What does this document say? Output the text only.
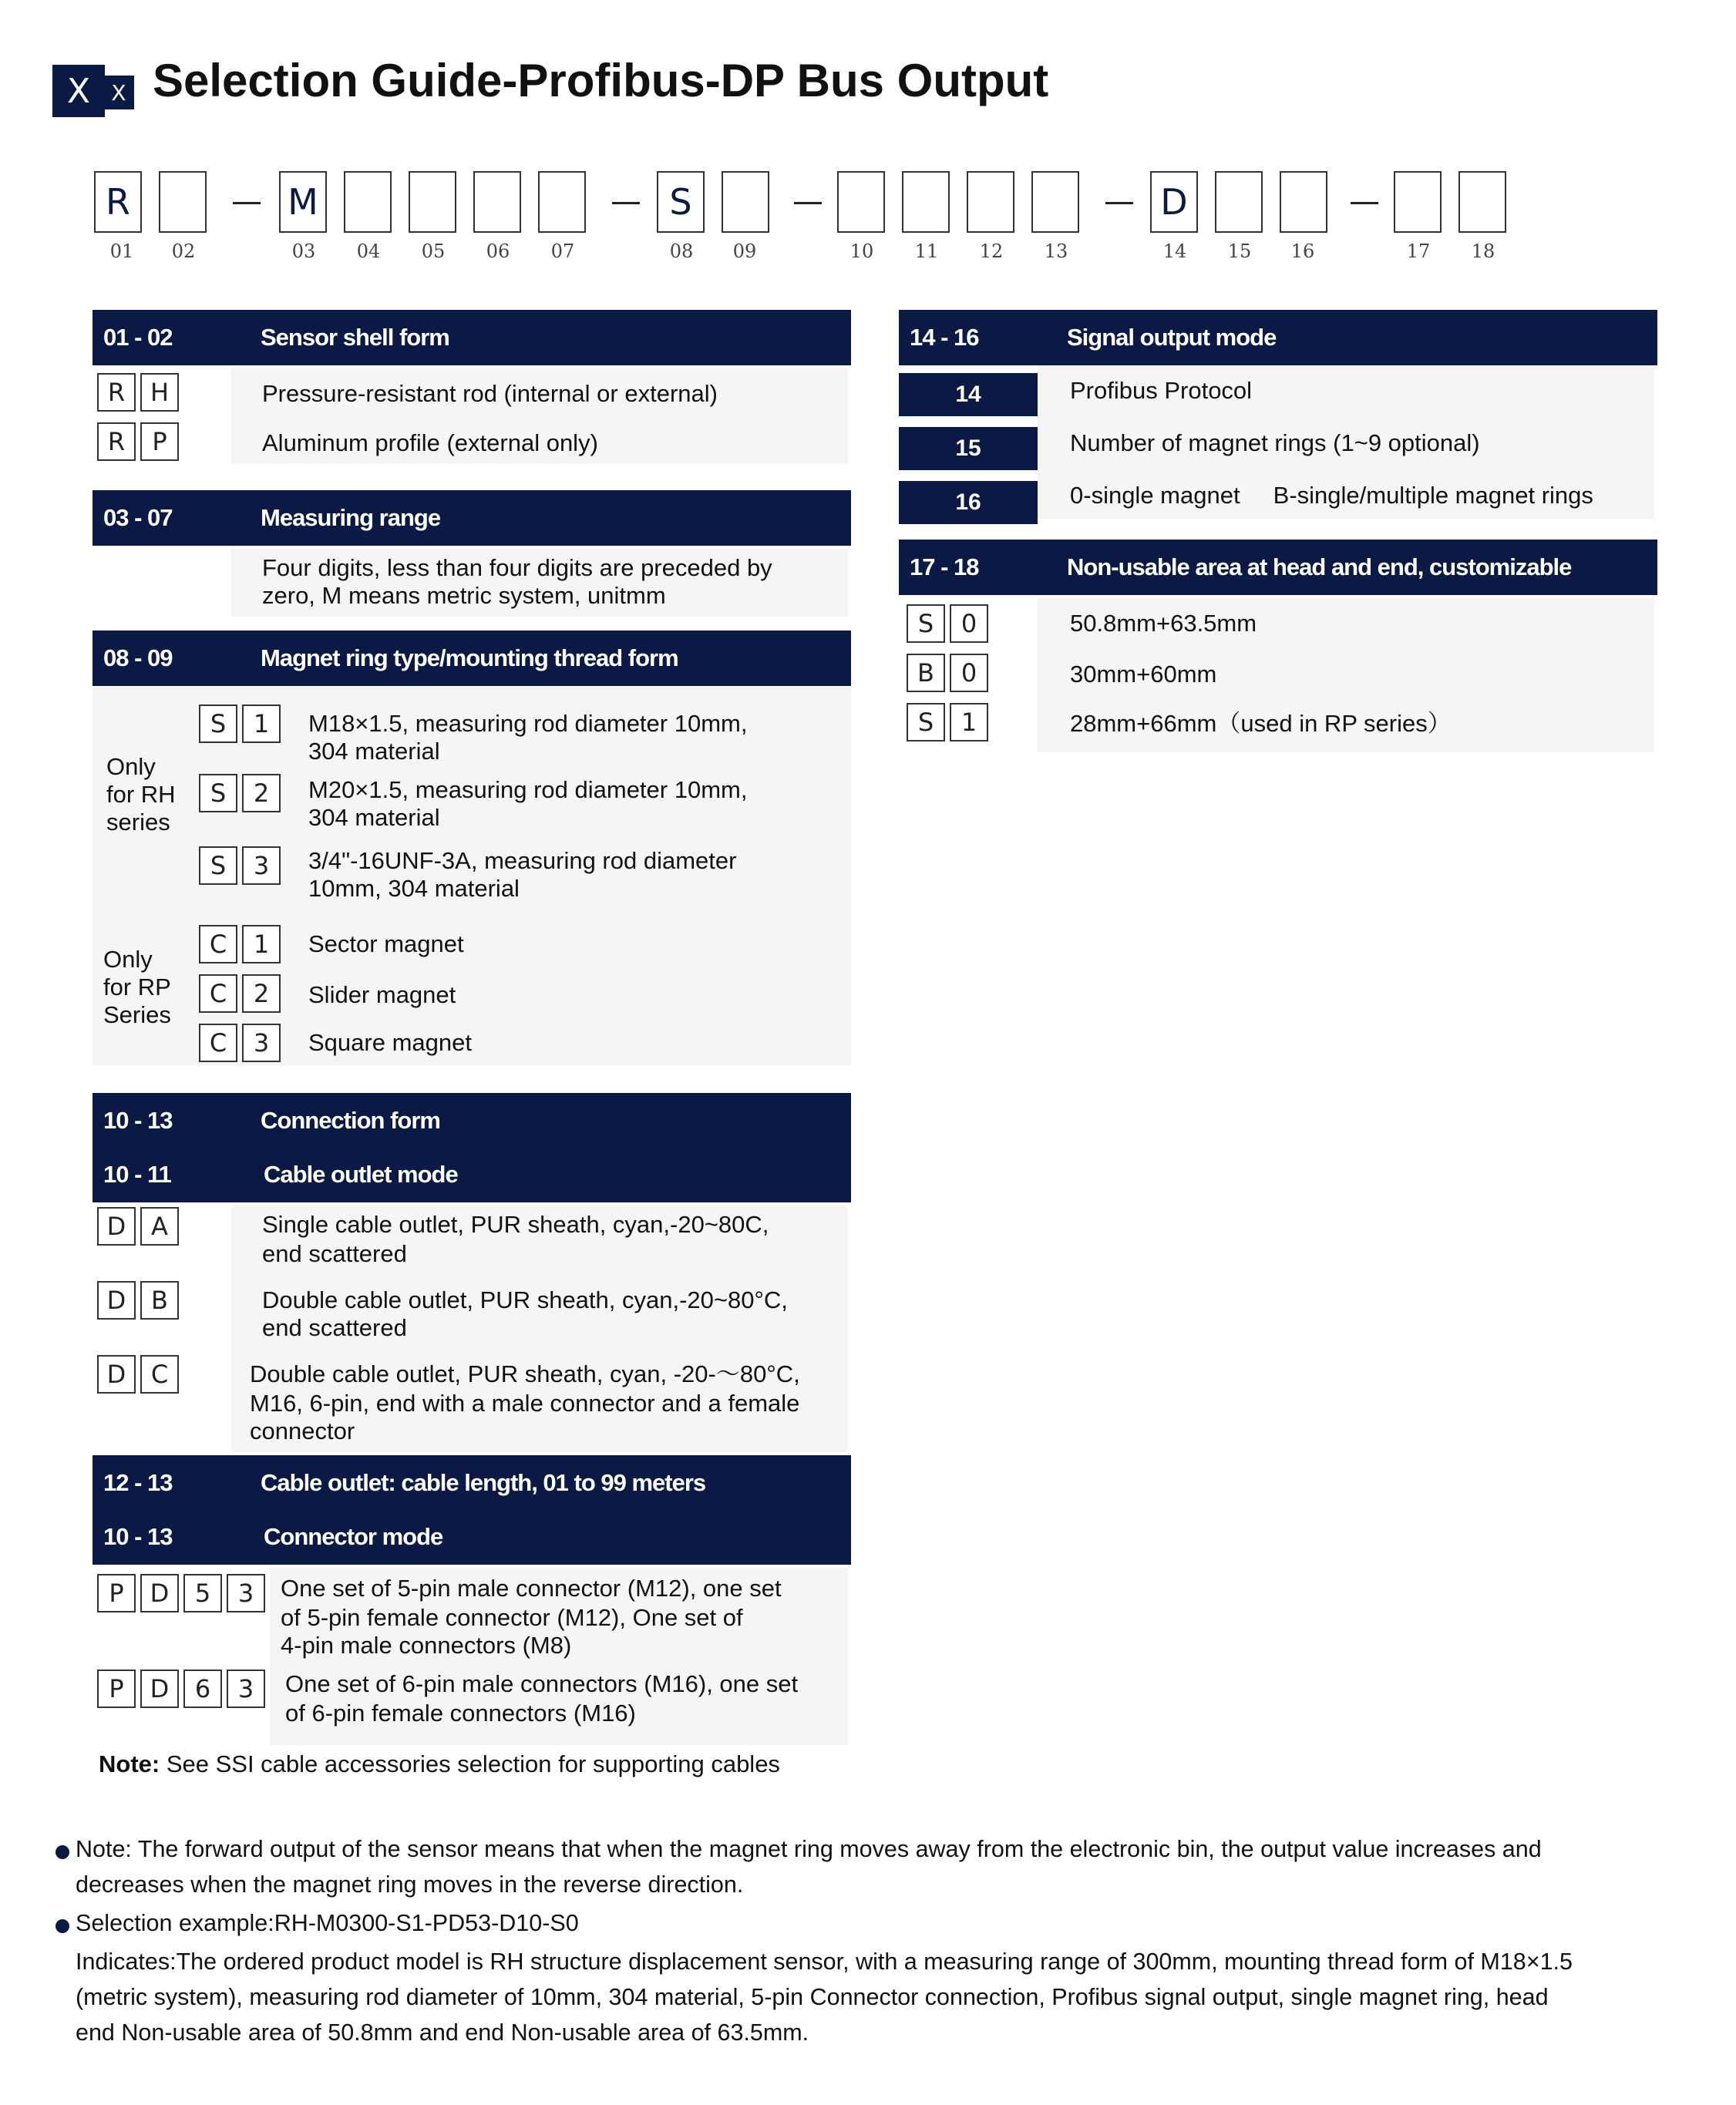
X X Selection Guide-Profibus-DP Bus Output
R	M	S	D
01	02	03	04	05	06	07	08	09	10	11	12	13	14	15	16	17	18
01 - 02	Sensor shell form
R	H	Pressure-resistant rod (internal or external)
R	P	Aluminum profile (external only)
03 - 07	Measuring range
Four digits, less than four digits are preceded by
zero, M means metric system, unitmm
08 - 09	Magnet ring type/mounting thread form
Only
for RH
series
Only
for RP
Series
S	1	M18×1.5, measuring rod diameter 10mm,
304 material
S	2	M20×1.5, measuring rod diameter 10mm,
304 material
S	3	3/4"-16UNF-3A, measuring rod diameter
10mm, 304 material
C	1	Sector magnet
C	2	Slider magnet
C	3	Square magnet
10 - 13	Connection form
10 - 11	Cable outlet mode
D	A	Single cable outlet, PUR sheath, cyan,-20~80C,
end scattered
D	B	Double cable outlet, PUR sheath, cyan,-20~80°C,
end scattered
D	C	Double cable outlet, PUR sheath, cyan, -20-～80°C,
M16, 6-pin, end with a male connector and a female
connector
12 - 13	Cable outlet: cable length, 01 to 99 meters
10 - 13	Connector mode
P	D	5	3	One set of 5-pin male connector (M12), one set
of 5-pin female connector (M12), One set of
4-pin male connectors (M8)
P	D	6	3	One set of 6-pin male connectors (M16), one set
of 6-pin female connectors (M16)
Note: See SSI cable accessories selection for supporting cables
14 - 16	Signal output mode
14	Profibus Protocol
15	Number of magnet rings (1~9 optional)
16	0-single magnet     B-single/multiple magnet rings
17 - 18	Non-usable area at head and end, customizable
S	0	50.8mm+63.5mm
B	0	30mm+60mm
S	1	28mm+66mm（used in RP series）
Note: The forward output of the sensor means that when the magnet ring moves away from the electronic bin, the output value increases and
decreases when the magnet ring moves in the reverse direction.
Selection example:RH-M0300-S1-PD53-D10-S0
Indicates:The ordered product model is RH structure displacement sensor, with a measuring range of 300mm, mounting thread form of M18×1.5
(metric system), measuring rod diameter of 10mm, 304 material, 5-pin Connector connection, Profibus signal output, single magnet ring, head
end Non-usable area of 50.8mm and end Non-usable area of 63.5mm.
